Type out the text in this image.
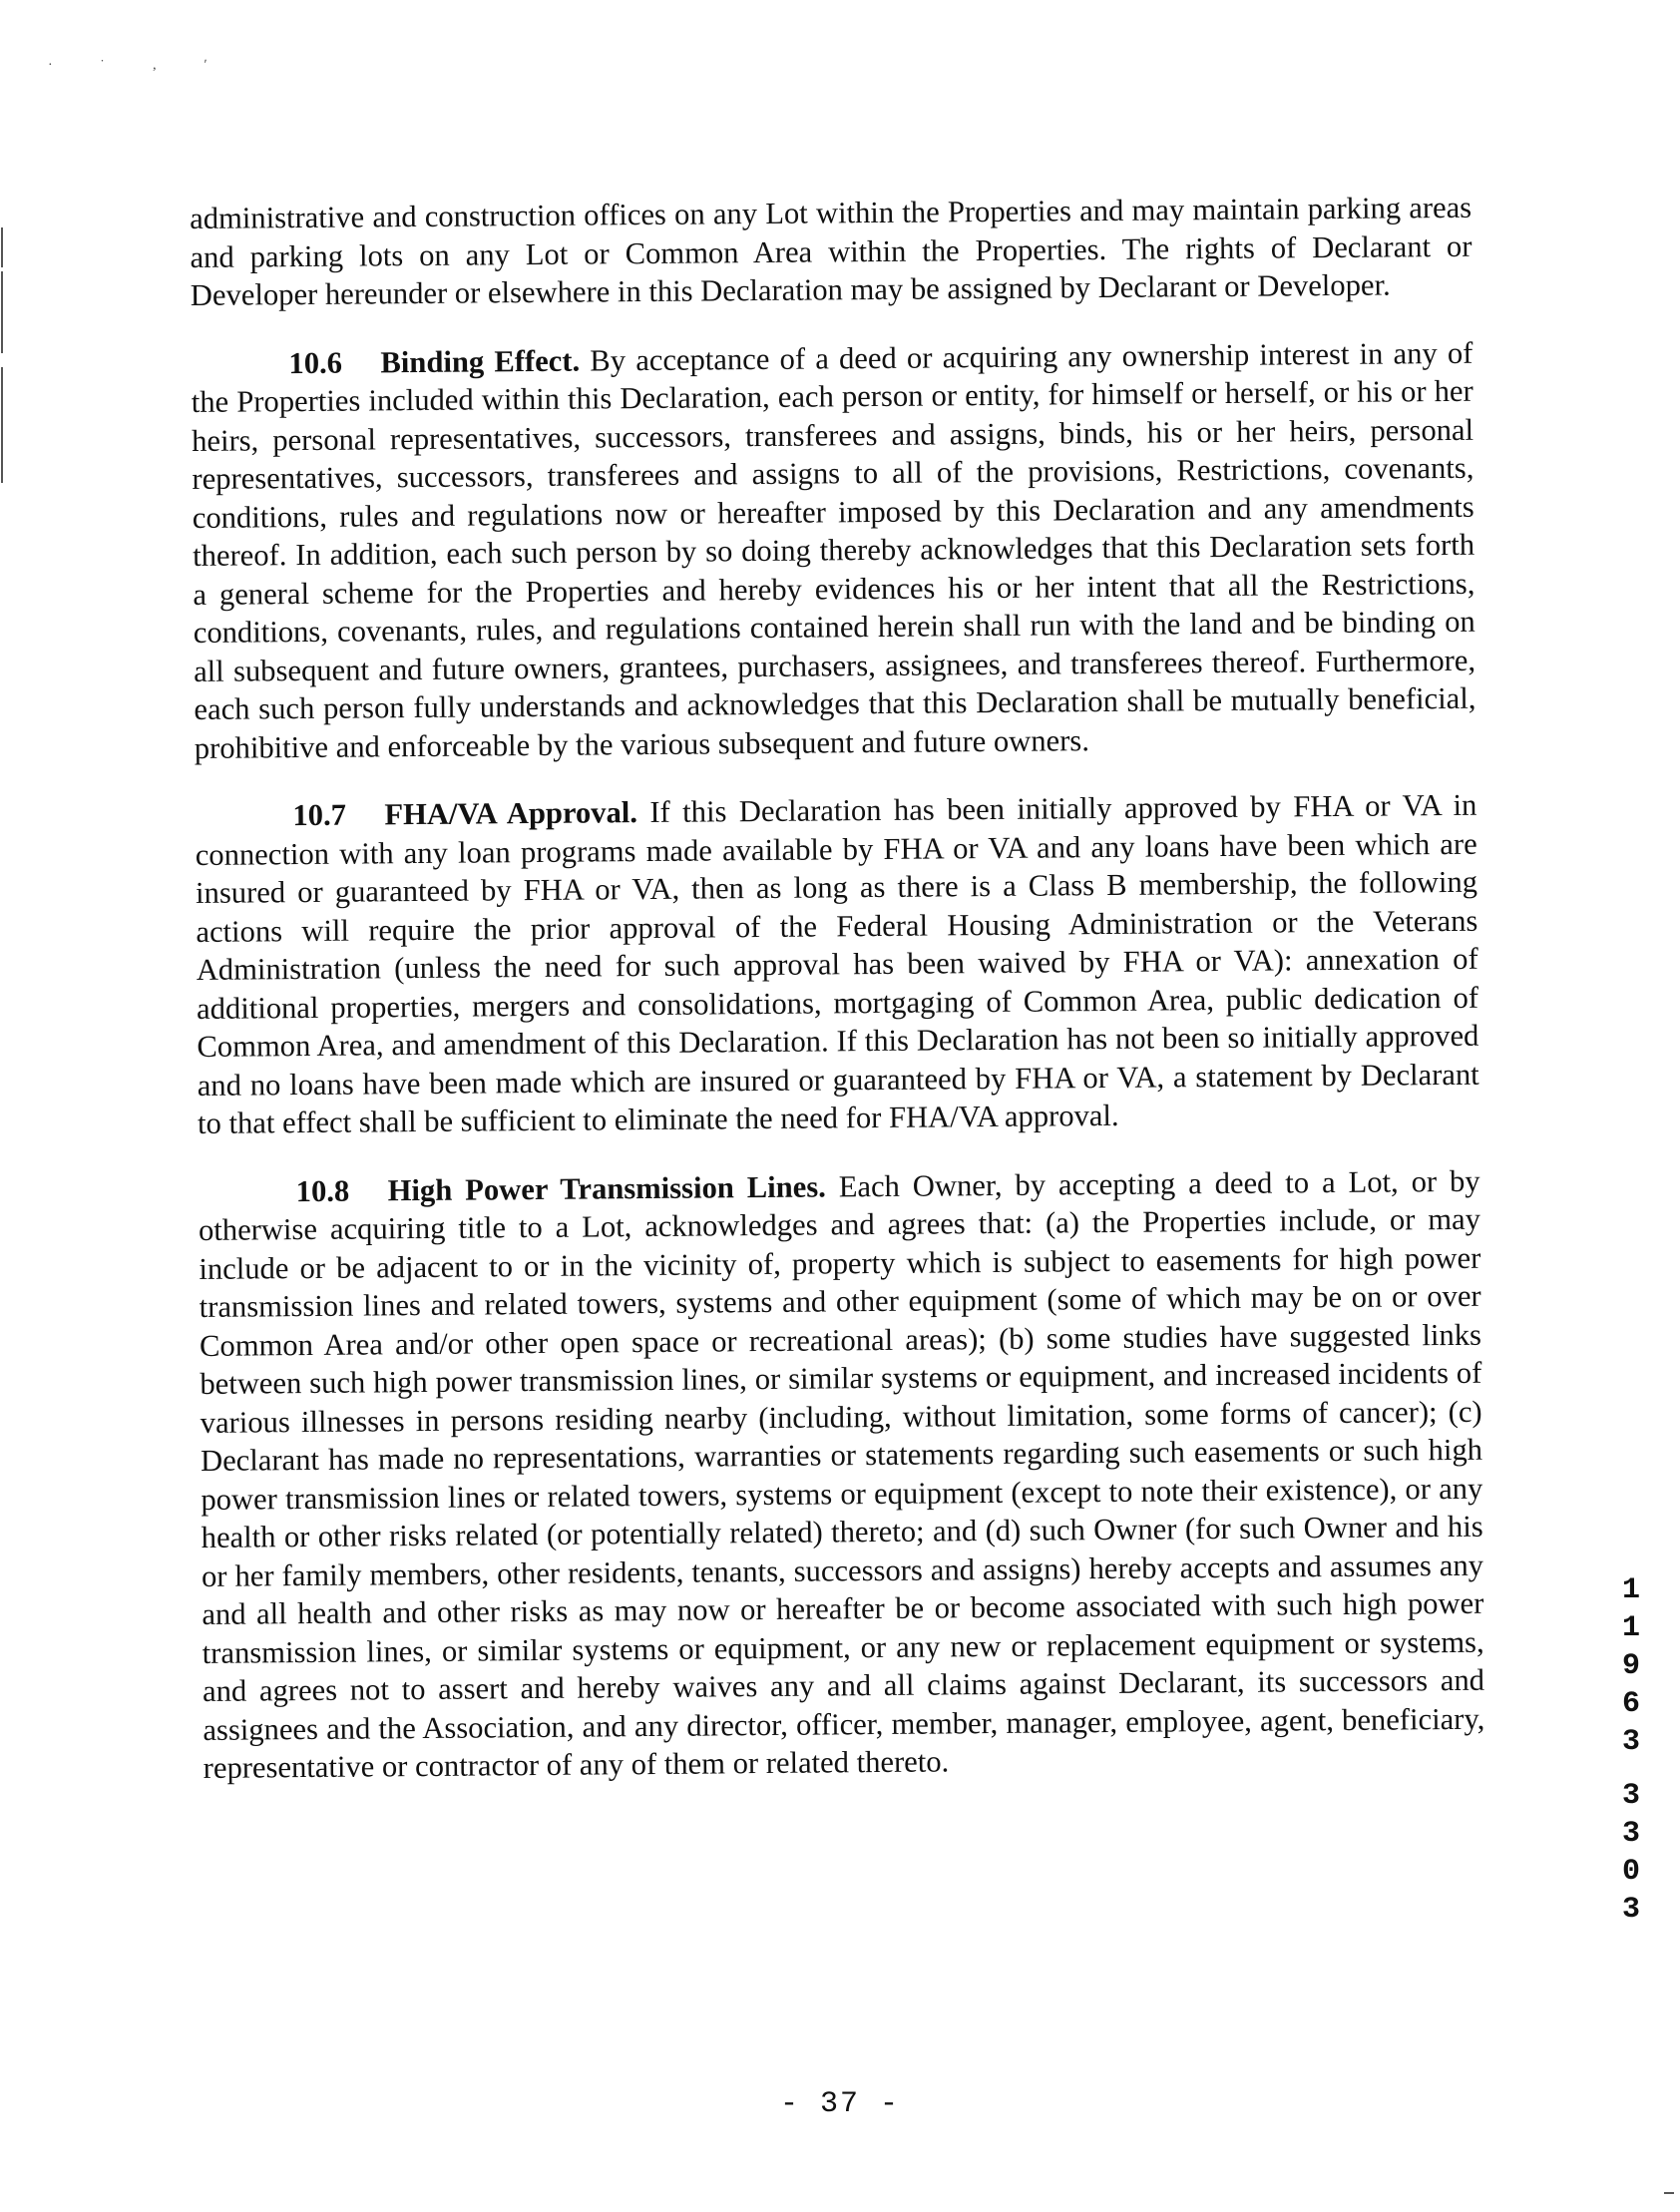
· ˙ ‚ ʹ

administrative and construction offices on any Lot within the Properties and may maintain parking areas and parking lots on any Lot or Common Area within the Properties. The rights of Declarant or Developer hereunder or elsewhere in this Declaration may be assigned by Declarant or Developer.

10.6 Binding Effect. By acceptance of a deed or acquiring any ownership interest in any of the Properties included within this Declaration, each person or entity, for himself or herself, or his or her heirs, personal representatives, successors, transferees and assigns, binds, his or her heirs, personal representatives, successors, transferees and assigns to all of the provisions, Restrictions, covenants, conditions, rules and regulations now or hereafter imposed by this Declaration and any amendments thereof. In addition, each such person by so doing thereby acknowledges that this Declaration sets forth a general scheme for the Properties and hereby evidences his or her intent that all the Restrictions, conditions, covenants, rules, and regulations contained herein shall run with the land and be binding on all subsequent and future owners, grantees, purchasers, assignees, and transferees thereof. Furthermore, each such person fully understands and acknowledges that this Declaration shall be mutually beneficial, prohibitive and enforceable by the various subsequent and future owners.

10.7 FHA/VA Approval. If this Declaration has been initially approved by FHA or VA in connection with any loan programs made available by FHA or VA and any loans have been which are insured or guaranteed by FHA or VA, then as long as there is a Class B membership, the following actions will require the prior approval of the Federal Housing Administration or the Veterans Administration (unless the need for such approval has been waived by FHA or VA): annexation of additional properties, mergers and consolidations, mortgaging of Common Area, public dedication of Common Area, and amendment of this Declaration. If this Declaration has not been so initially approved and no loans have been made which are insured or guaranteed by FHA or VA, a statement by Declarant to that effect shall be sufficient to eliminate the need for FHA/VA approval.

10.8 High Power Transmission Lines. Each Owner, by accepting a deed to a Lot, or by otherwise acquiring title to a Lot, acknowledges and agrees that: (a) the Properties include, or may include or be adjacent to or in the vicinity of, property which is subject to easements for high power transmission lines and related towers, systems and other equipment (some of which may be on or over Common Area and/or other open space or recreational areas); (b) some studies have suggested links between such high power transmission lines, or similar systems or equipment, and increased incidents of various illnesses in persons residing nearby (including, without limitation, some forms of cancer); (c) Declarant has made no representations, warranties or statements regarding such easements or such high power transmission lines or related towers, systems or equipment (except to note their existence), or any health or other risks related (or potentially related) thereto; and (d) such Owner (for such Owner and his or her family members, other residents, tenants, successors and assigns) hereby accepts and assumes any and all health and other risks as may now or hereafter be or become associated with such high power transmission lines, or similar systems or equipment, or any new or replacement equipment or systems, and agrees not to assert and hereby waives any and all claims against Declarant, its successors and assignees and the Association, and any director, officer, member, manager, employee, agent, beneficiary, representative or contractor of any of them or related thereto.

1
1
9
6
3
3
3
0
3
- 37 -
